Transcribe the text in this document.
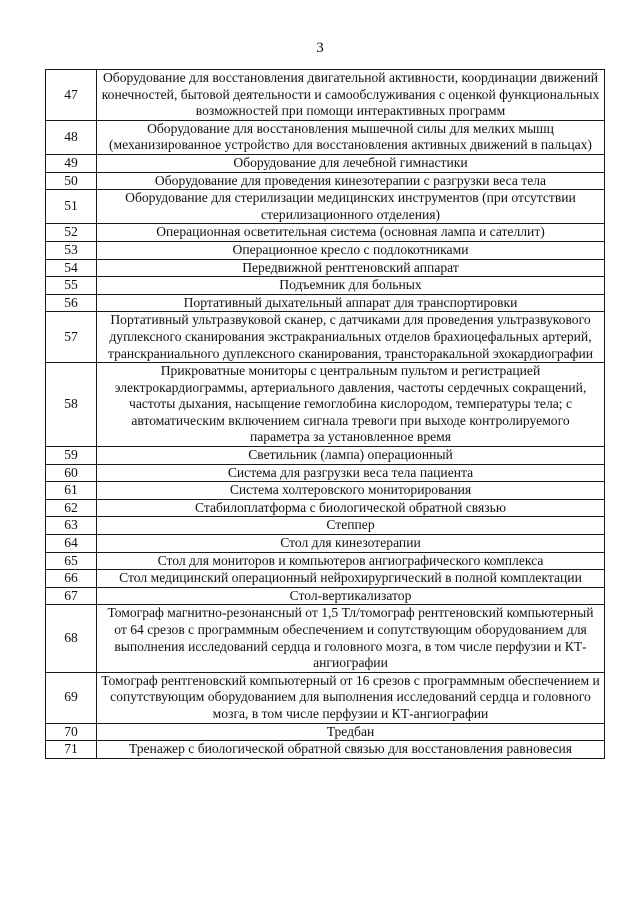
3
47	Оборудование для восстановления двигательной активности, координации движений конечностей, бытовой деятельности и самообслуживания с оценкой функциональных возможностей при помощи интерактивных программ
48	Оборудование для восстановления мышечной силы для мелких мышц (механизированное устройство для восстановления активных движений в пальцах)
49	Оборудование для лечебной гимнастики
50	Оборудование для проведения кинезотерапии с разгрузки веса тела
51	Оборудование для стерилизации медицинских инструментов (при отсутствии стерилизационного отделения)
52	Операционная осветительная система (основная лампа и сателлит)
53	Операционное кресло с подлокотниками
54	Передвижной рентгеновский аппарат
55	Подъемник для больных
56	Портативный дыхательный аппарат для транспортировки
57	Портативный ультразвуковой сканер, с датчиками для проведения ультразвукового дуплексного сканирования экстракраниальных отделов брахиоцефальных артерий, транскраниального дуплексного сканирования, трансторакальной эхокардиографии
58	Прикроватные мониторы с центральным пультом и регистрацией электрокардиограммы, артериального давления, частоты сердечных сокращений, частоты дыхания, насыщение гемоглобина кислородом, температуры тела; с автоматическим включением сигнала тревоги при выходе контролируемого параметра за установленное время
59	Светильник (лампа) операционный
60	Система для разгрузки веса тела пациента
61	Система холтеровского мониторирования
62	Стабилоплатформа с биологической обратной связью
63	Степпер
64	Стол для кинезотерапии
65	Стол для мониторов и компьютеров ангиографического комплекса
66	Стол медицинский операционный нейрохирургический в полной комплектации
67	Стол-вертикализатор
68	Томограф магнитно-резонансный от 1,5 Тл/томограф рентгеновский компьютерный от 64 срезов с программным обеспечением и сопутствующим оборудованием для выполнения исследований сердца и головного мозга, в том числе перфузии и КТ- ангиографии
69	Томограф рентгеновский компьютерный от 16 срезов с программным обеспечением и сопутствующим оборудованием для выполнения исследований сердца и головного мозга, в том числе перфузии и КТ-ангиографии
70	Тредбан
71	Тренажер с биологической обратной связью для восстановления равновесия
